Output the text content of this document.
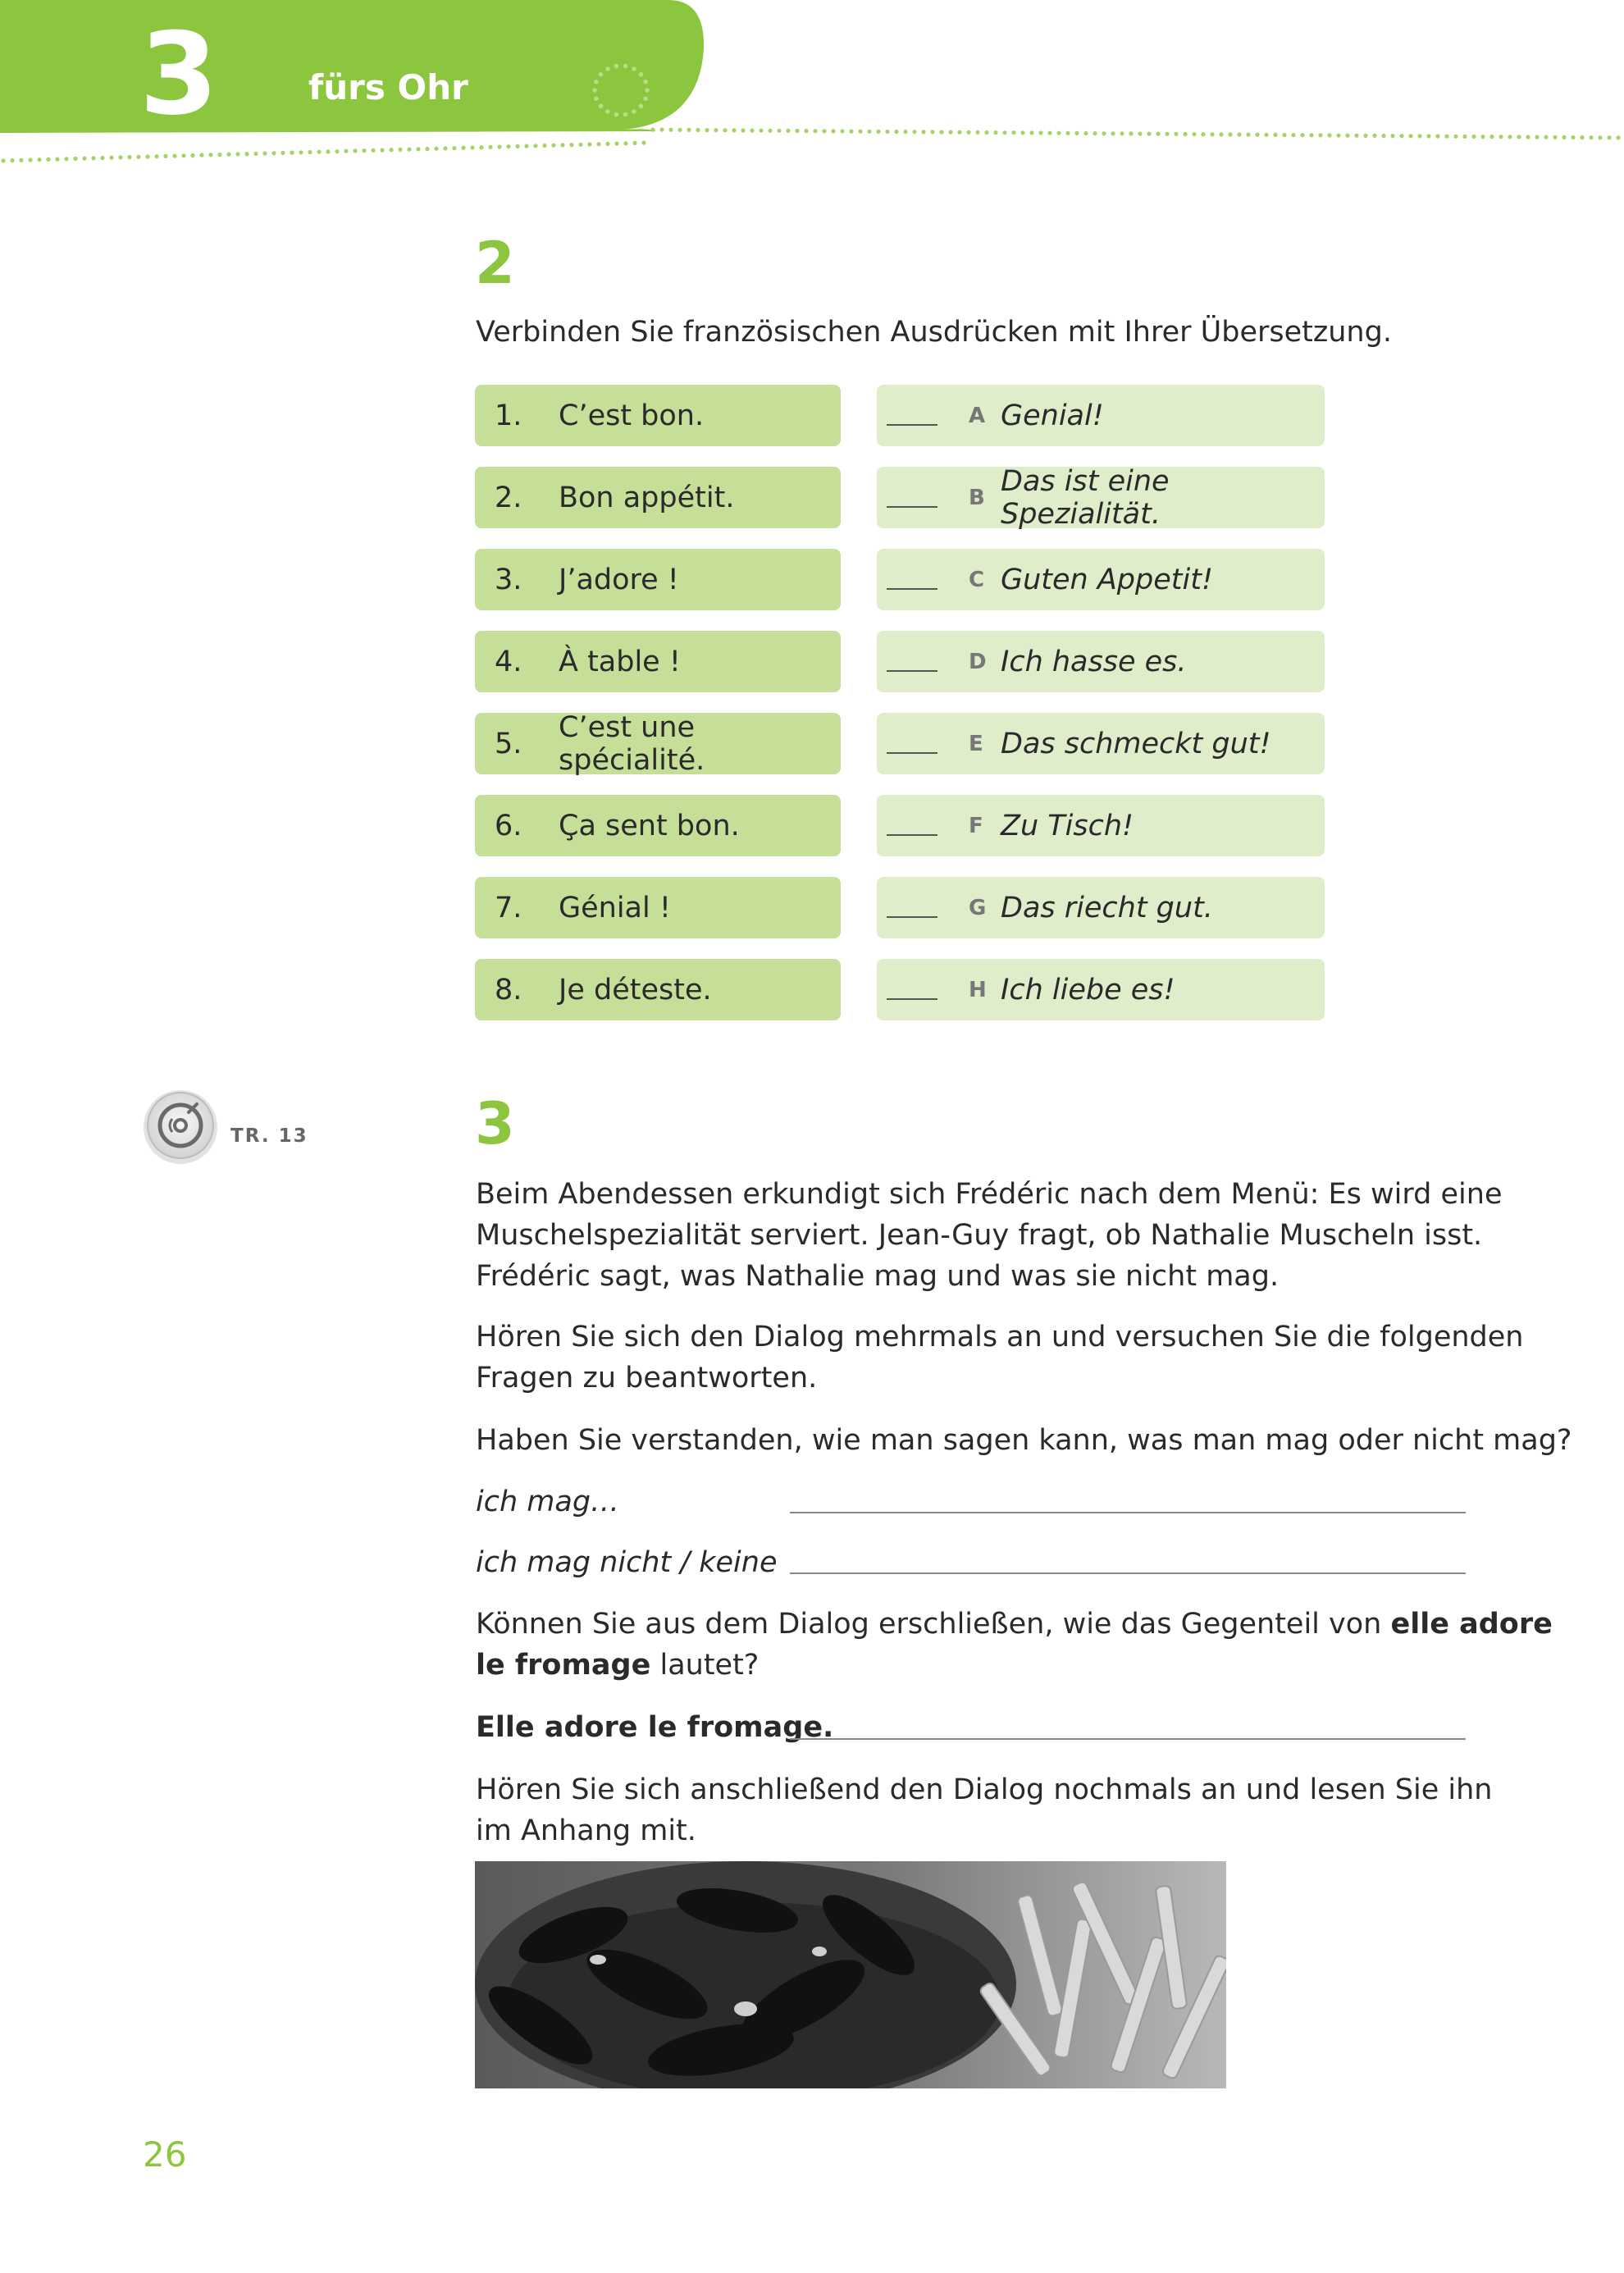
3	fürs Ohr
2
Verbinden Sie französischen Ausdrücken mit Ihrer Übersetzung.
1. C’est bon.
2. Bon appétit.
3. J’adore !
4. À table !
5. C’est une spécialité.
6. Ça sent bon.
7. Génial !
8. Je déteste.
A Genial!
B Das ist eine Spezialität.
C Guten Appetit!
D Ich hasse es.
E Das schmeckt gut!
F Zu Tisch!
G Das riecht gut.
H Ich liebe es!
TR. 13	3
Beim Abendessen erkundigt sich Frédéric nach dem Menü: Es wird eine
Muschelspezialität serviert. Jean-Guy fragt, ob Nathalie Muscheln isst.
Frédéric sagt, was Nathalie mag und was sie nicht mag.
Hören Sie sich den Dialog mehrmals an und versuchen Sie die folgenden
Fragen zu beantworten.
Haben Sie verstanden, wie man sagen kann, was man mag oder nicht mag?
ich mag…
ich mag nicht / keine
Können Sie aus dem Dialog erschließen, wie das Gegenteil von elle adore
le fromage lautet?
Elle adore le fromage.
Hören Sie sich anschließend den Dialog nochmals an und lesen Sie ihn
im Anhang mit.
26
